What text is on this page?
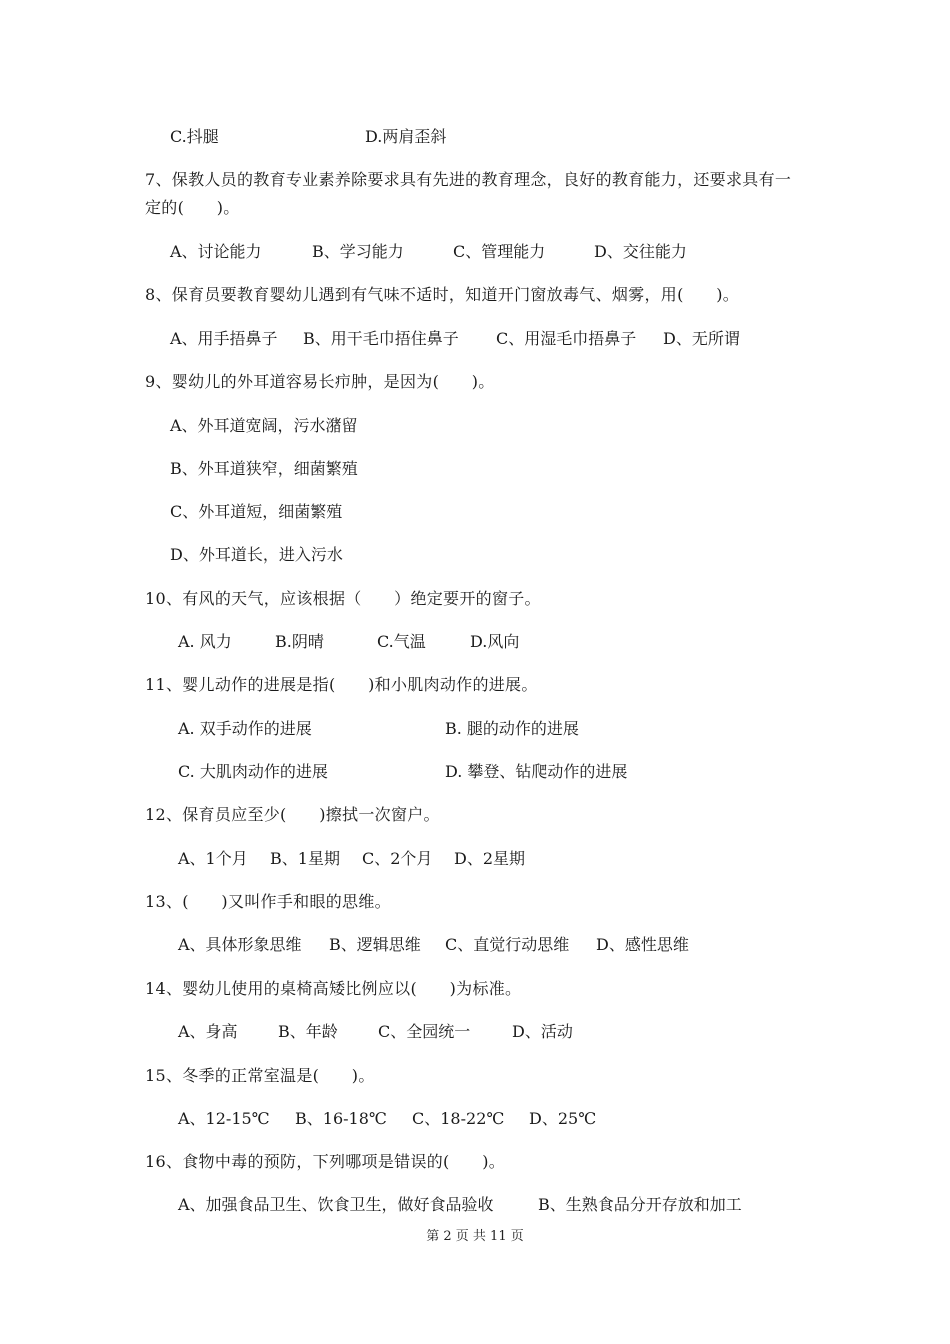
C.抖腿	D.两肩歪斜
7、保教人员的教育专业素养除要求具有先进的教育理念，良好的教育能力，还要求具有一
定的(　　)。
A、讨论能力	B、学习能力	C、管理能力	D、交往能力
8、保育员要教育婴幼儿遇到有气味不适时，知道开门窗放毒气、烟雾，用(　　)。
A、用手捂鼻子 B、用干毛巾捂住鼻子 C、用湿毛巾捂鼻子 D、无所谓
9、婴幼儿的外耳道容易长疖肿，是因为(　　)。
A、外耳道宽阔，污水潴留
B、外耳道狭窄，细菌繁殖
C、外耳道短，细菌繁殖
D、外耳道长，进入污水
10、有风的天气，应该根据（　　）绝定要开的窗子。
A. 风力	B.阴晴	C.气温	D.风向
11、婴儿动作的进展是指(　　)和小肌肉动作的进展。
A. 双手动作的进展	B. 腿的动作的进展
C. 大肌肉动作的进展	D. 攀登、钻爬动作的进展
12、保育员应至少(　　)擦拭一次窗户。
A、1个月 B、1星期 C、2个月 D、2星期
13、(　　)又叫作手和眼的思维。
A、具体形象思维 B、逻辑思维 C、直觉行动思维 D、感性思维
14、婴幼儿使用的桌椅高矮比例应以(　　)为标准。
A、身高	B、年龄	C、全园统一	D、活动
15、冬季的正常室温是(　　)。
A、12-15℃ B、16-18℃ C、18-22℃ D、25℃
16、食物中毒的预防，下列哪项是错误的(　　)。
A、加强食品卫生、饮食卫生，做好食品验收	B、生熟食品分开存放和加工
第 2 页 共 11 页
